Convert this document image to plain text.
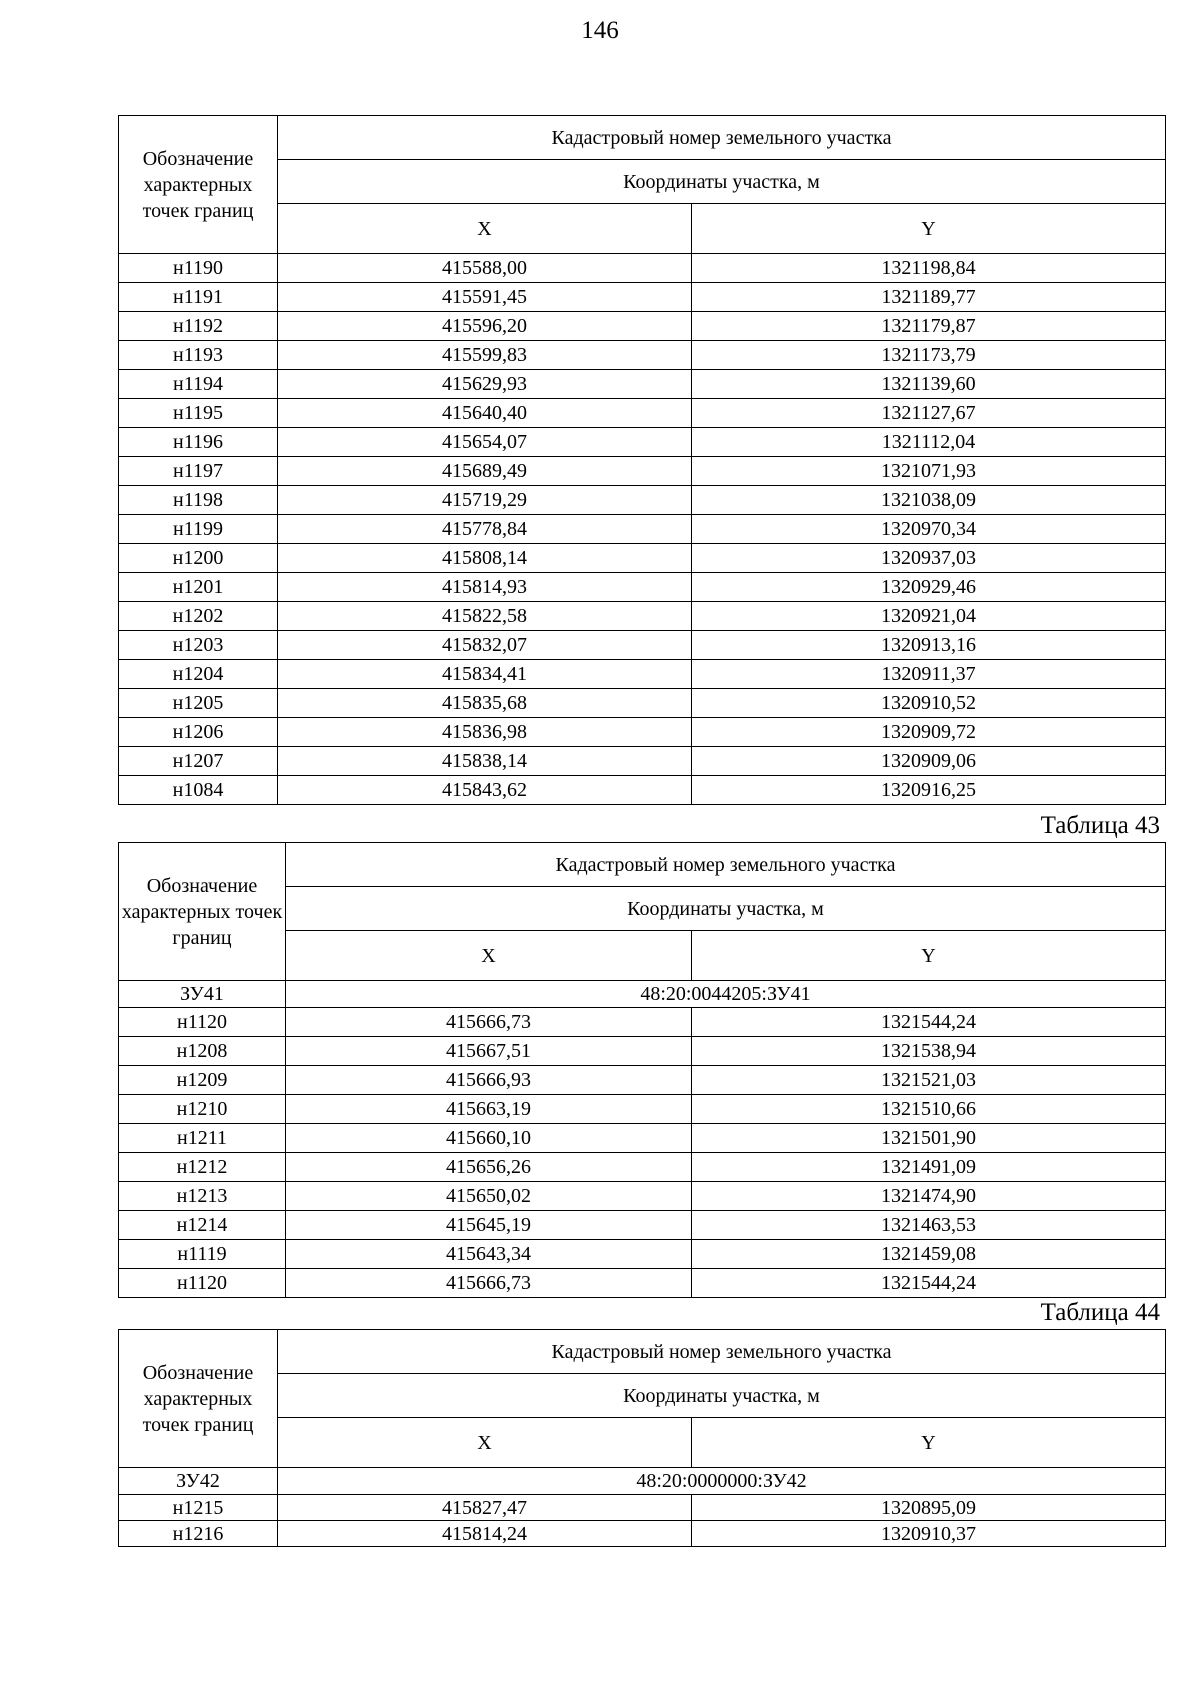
146
Обозначение характерных точек границ	Кадастровый номер земельного участка	
	Координаты участка, м	
	X	Y
н1190	415588,00	1321198,84
н1191	415591,45	1321189,77
н1192	415596,20	1321179,87
н1193	415599,83	1321173,79
н1194	415629,93	1321139,60
н1195	415640,40	1321127,67
н1196	415654,07	1321112,04
н1197	415689,49	1321071,93
н1198	415719,29	1321038,09
н1199	415778,84	1320970,34
н1200	415808,14	1320937,03
н1201	415814,93	1320929,46
н1202	415822,58	1320921,04
н1203	415832,07	1320913,16
н1204	415834,41	1320911,37
н1205	415835,68	1320910,52
н1206	415836,98	1320909,72
н1207	415838,14	1320909,06
н1084	415843,62	1320916,25
Таблица 43
Обозначение характерных точек границ	Кадастровый номер земельного участка	
	Координаты участка, м	
	X	Y
ЗУ41	48:20:0044205:ЗУ41	
н1120	415666,73	1321544,24
н1208	415667,51	1321538,94
н1209	415666,93	1321521,03
н1210	415663,19	1321510,66
н1211	415660,10	1321501,90
н1212	415656,26	1321491,09
н1213	415650,02	1321474,90
н1214	415645,19	1321463,53
н1119	415643,34	1321459,08
н1120	415666,73	1321544,24
Таблица 44
Обозначение характерных точек границ	Кадастровый номер земельного участка	
	Координаты участка, м	
	X	Y
ЗУ42	48:20:0000000:ЗУ42	
н1215	415827,47	1320895,09
н1216	415814,24	1320910,37
